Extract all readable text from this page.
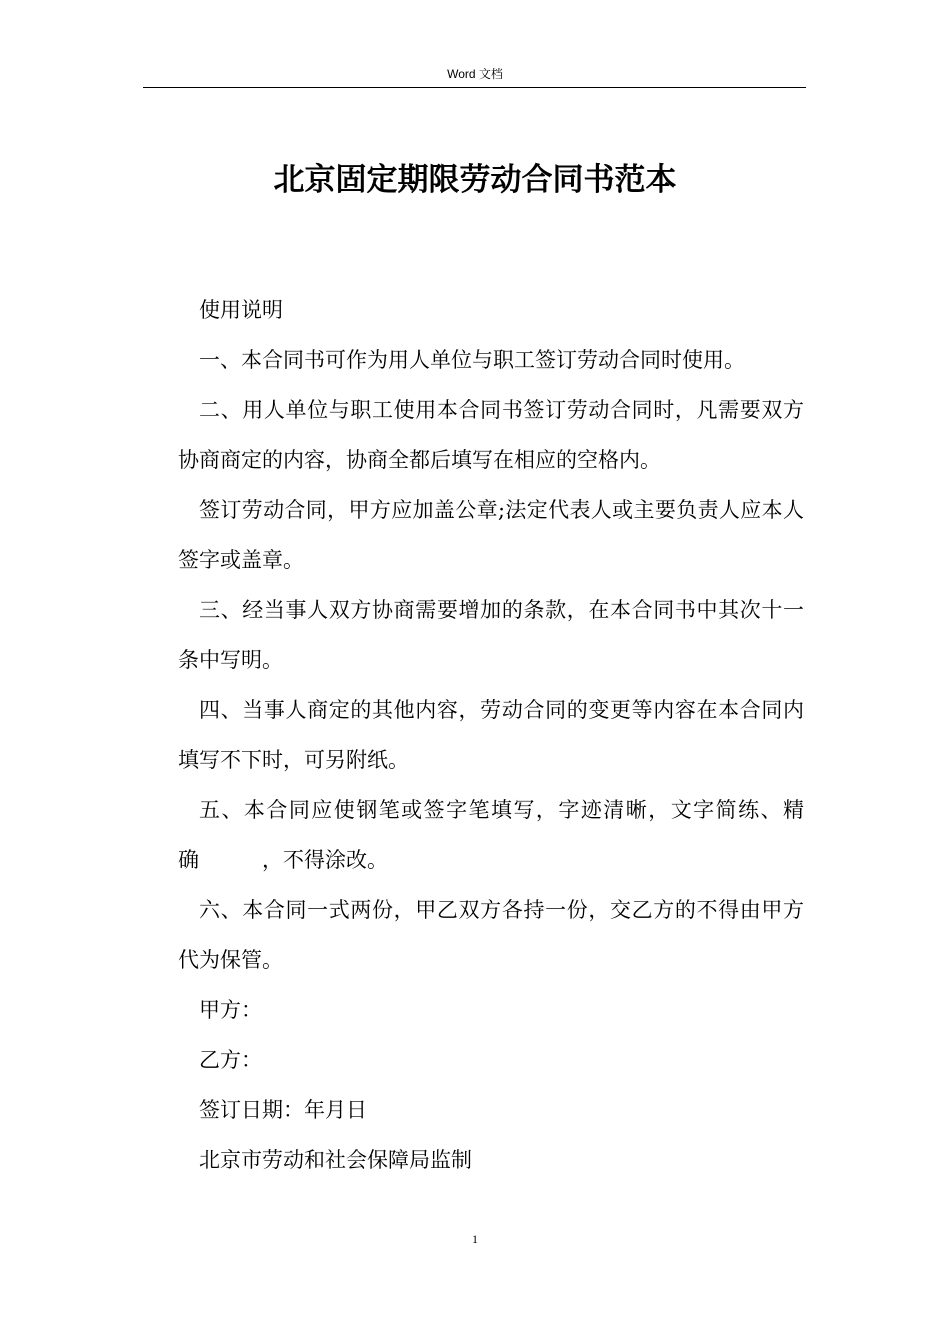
Word 文档
北京固定期限劳动合同书范本

使用说明

一、本合同书可作为用人单位与职工签订劳动合同时使用。

二、用人单位与职工使用本合同书签订劳动合同时，凡需要双方协商商定的内容，协商全都后填写在相应的空格内。

签订劳动合同，甲方应加盖公章;法定代表人或主要负责人应本人签字或盖章。

三、经当事人双方协商需要增加的条款，在本合同书中其次十一条中写明。

四、当事人商定的其他内容，劳动合同的变更等内容在本合同内填写不下时，可另附纸。

五、本合同应使钢笔或签字笔填写，字迹清晰，文字简练、精确　　　，不得涂改。

六、本合同一式两份，甲乙双方各持一份，交乙方的不得由甲方代为保管。

甲方：

乙方：

签订日期：年月日

北京市劳动和社会保障局监制

1
